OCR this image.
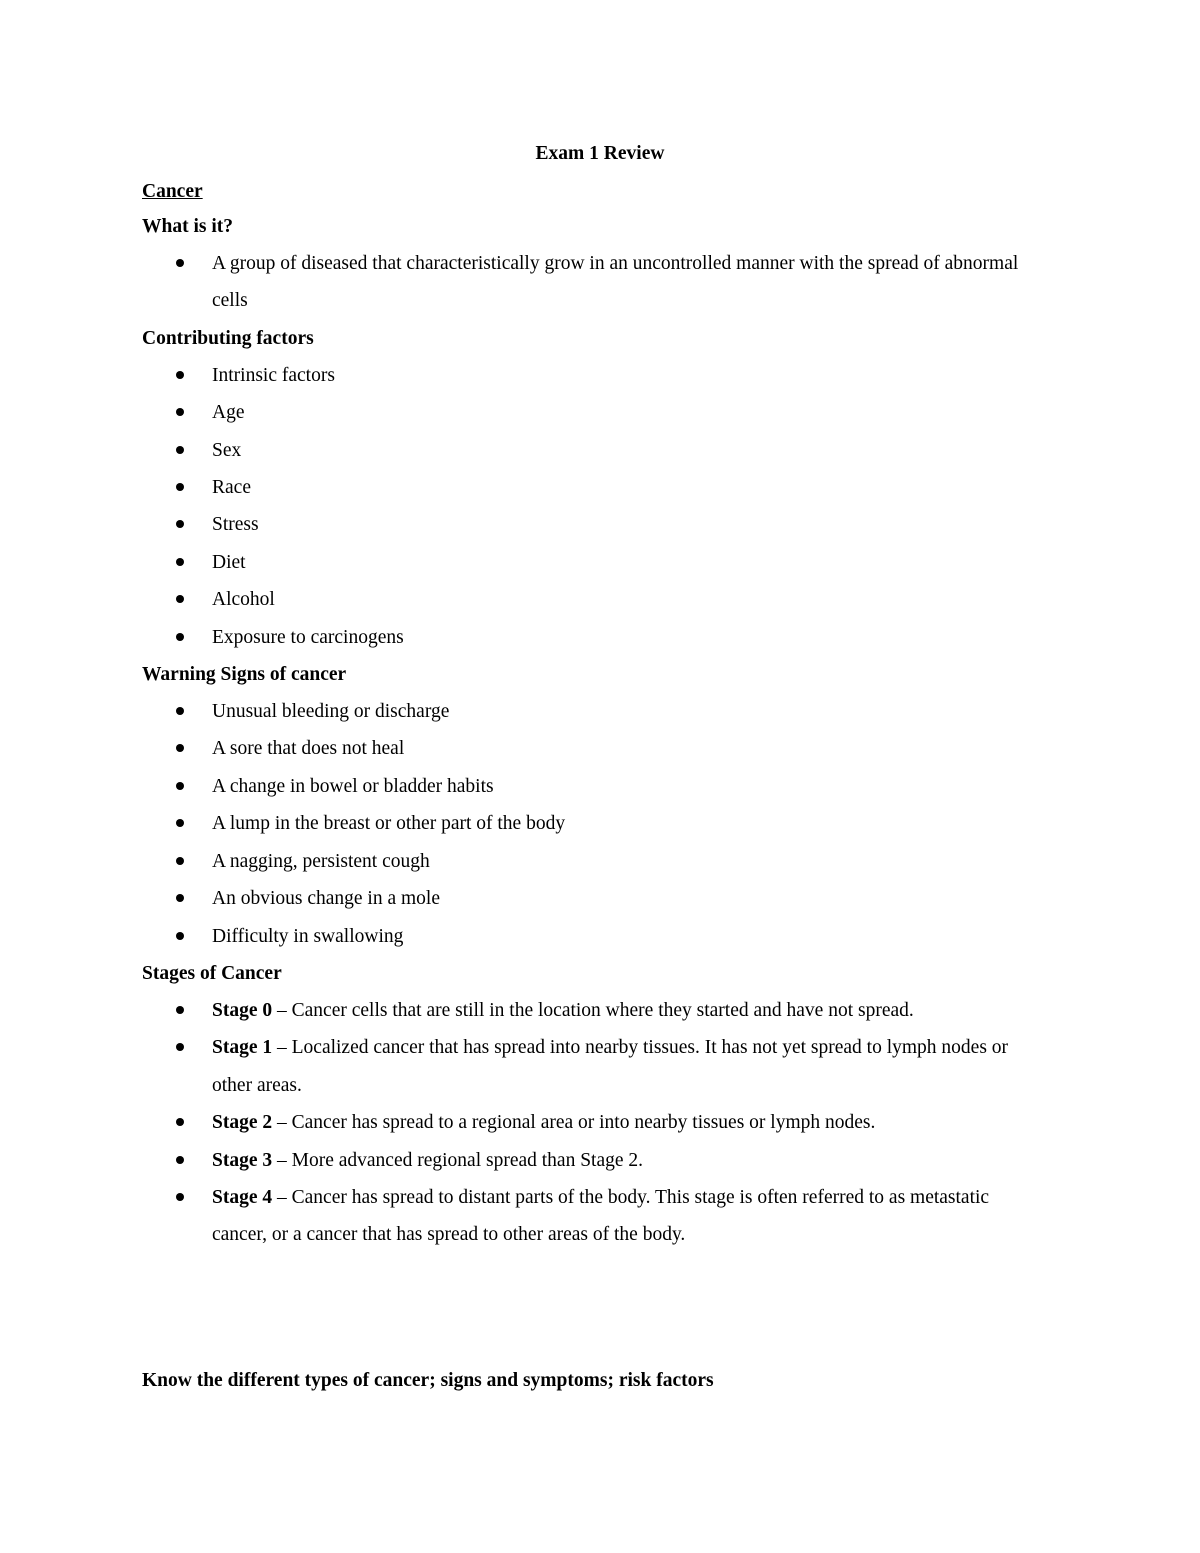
Exam 1 Review

Cancer

What is it?

A group of diseased that characteristically grow in an uncontrolled manner with the spread of abnormal cells

Contributing factors

Intrinsic factors
Age
Sex
Race
Stress
Diet
Alcohol
Exposure to carcinogens

Warning Signs of cancer

Unusual bleeding or discharge
A sore that does not heal
A change in bowel or bladder habits
A lump in the breast or other part of the body
A nagging, persistent cough
An obvious change in a mole
Difficulty in swallowing

Stages of Cancer

Stage 0 – Cancer cells that are still in the location where they started and have not spread.
Stage 1 – Localized cancer that has spread into nearby tissues. It has not yet spread to lymph nodes or other areas.
Stage 2 – Cancer has spread to a regional area or into nearby tissues or lymph nodes.
Stage 3 – More advanced regional spread than Stage 2.
Stage 4 – Cancer has spread to distant parts of the body. This stage is often referred to as metastatic cancer, or a cancer that has spread to other areas of the body.

Know the different types of cancer; signs and symptoms; risk factors
